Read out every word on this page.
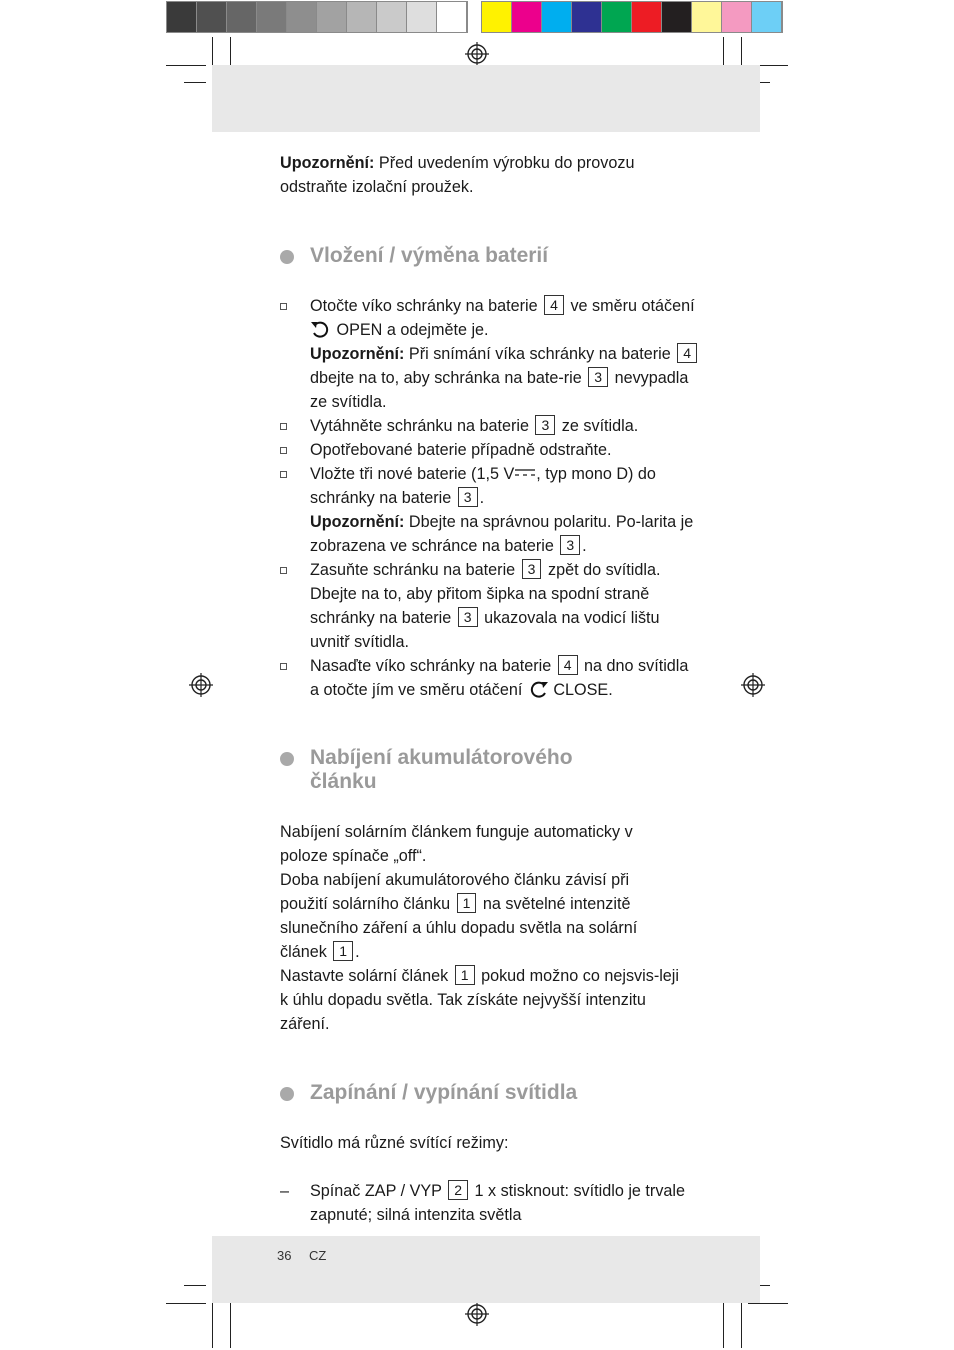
Upozornění: Před uvedením výrobku do provozu odstraňte izolační proužek.

Vložení / výměna baterií
Otočte víko schránky na baterie 4 ve směru otáčení  OPEN a odejměte je.
Upozornění: Při snímání víka schránky na baterie 4 dbejte na to, aby schránka na bate-rie 3 nevypadla ze svítidla.
Vytáhněte schránku na baterie 3 ze svítidla.
Opotřebované baterie případně odstraňte.
Vložte tři nové baterie (1,5 V , typ mono D) do schránky na baterie 3 .
Upozornění: Dbejte na správnou polaritu. Po-larita je zobrazena ve schránce na baterie 3 .
Zasuňte schránku na baterie 3 zpět do svítidla. Dbejte na to, aby přitom šipka na spodní straně schránky na baterie 3 ukazovala na vodicí lištu uvnitř svítidla.
Nasaďte víko schránky na baterie 4 na dno svítidla a otočte jím ve směru otáčení CLOSE.
Nabíjení akumulátorového článku
Nabíjení solárním článkem funguje automaticky v poloze spínače „off“.
Doba nabíjení akumulátorového článku závisí při použití solárního článku 1 na světelné intenzitě slunečního záření a úhlu dopadu světla na solární článek 1 .
Nastavte solární článek 1 pokud možno co nejsvis-leji k úhlu dopadu světla. Tak získáte nejvyšší intenzitu záření.
Zapínání / vypínání svítidla

Svítidlo má různé svítící režimy:

– Spínač ZAP / VYP 2 1 x stisknout: svítidlo je trvale zapnuté; silná intenzita světla
36 CZ
